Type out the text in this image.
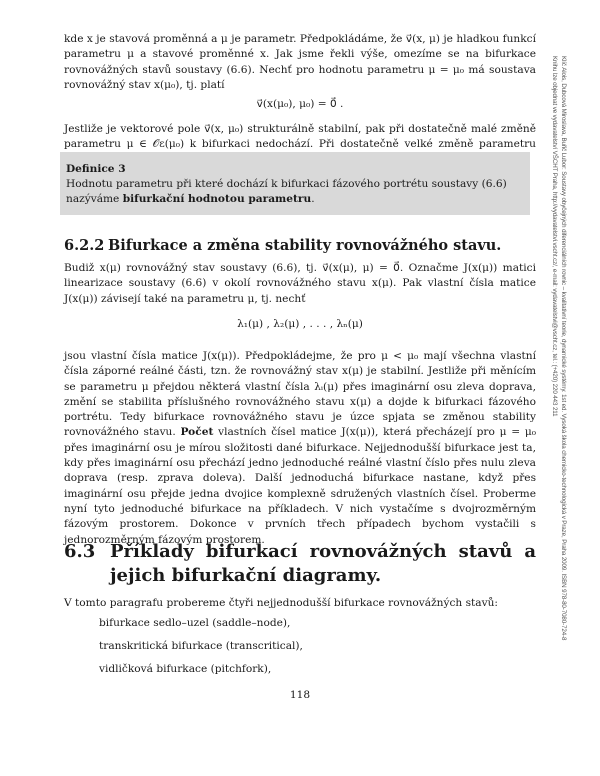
kde x je stavová proměnná a μ je parametr. Předpokládáme, že v⃗(x, μ) je hladkou funkcí parametru μ a stavové proměnné x. Jak jsme řekli výše, omezíme se na bifurkace rovnovážných stavů soustavy (6.6). Nechť pro hodnotu parametru μ = μ₀ má soustava rovnovážný stav x(μ₀), tj. platí

v⃗(x(μ₀), μ₀) = 0⃗ .

Jestliže je vektorové pole v⃗(x, μ₀) strukturálně stabilní, pak při dostatečně malé změně parametru μ ∈ 𝒪ε(μ₀) k bifurkaci nedochází. Při dostatečně velké změně parametru

Definice 3
Hodnotu parametru při které dochází k bifurkaci fázového portrétu soustavy (6.6) nazýváme bifurkační hodnotou parametru.
6.2.2 Bifurkace a změna stability rovnovážného stavu.

Budiž x(μ) rovnovážný stav soustavy (6.6), tj. v⃗(x(μ), μ) = 0⃗. Označme J(x(μ)) matici linearizace soustavy (6.6) v okolí rovnovážného stavu x(μ). Pak vlastní čísla matice J(x(μ)) závisejí také na parametru μ, tj. nechť

λ₁(μ) , λ₂(μ) , . . . , λₙ(μ)

jsou vlastní čísla matice J(x(μ)). Předpokládejme, že pro μ < μ₀ mají všechna vlastní čísla záporné reálné části, tzn. že rovnovážný stav x(μ) je stabilní. Jestliže při měnícím se parametru μ přejdou některá vlastní čísla λᵢ(μ) přes imaginární osu zleva doprava, změní se stabilita příslušného rovnovážného stavu x(μ) a dojde k bifurkaci fázového portrétu. Tedy bifurkace rovnovážného stavu je úzce spjata se změnou stability rovnovážného stavu. Počet vlastních čísel matice J(x(μ)), která přecházejí pro μ = μ₀ přes imaginární osu je mírou složitosti dané bifurkace. Nejjednodušší bifurkace jest ta, kdy přes imaginární osu přechází jedno jednoduché reálné vlastní číslo přes nulu zleva doprava (resp. zprava doleva). Další jednoduchá bifurkace nastane, když přes imaginární osu přejde jedna dvojice komplexně sdružených vlastních čísel. Proberme nyní tyto jednoduché bifurkace na příkladech. V nich vystačíme s dvojrozměrným fázovým prostorem. Dokonce v prvních třech případech bychom vystačili s jednorozměrným fázovým prostorem.

6.3 Příklady bifurkací rovnovážných stavů a jejich bifurkační diagramy.

V tomto paragrafu probereme čtyři nejjednodušší bifurkace rovnovážných stavů:

bifurkace sedlo–uzel (saddle–node),
transkritická bifurkace (transcritical),
vidličková bifurkace (pitchfork),
118
Klíč Alois, Dubcová Miroslava, Buřič Lubor: Soustavy obyčejných diferenciálních rovnic – kvalitativní teorie, dynamické systémy. 1st ed. Vysoká škola chemicko-technologická v Praze, Praha 2009. ISBN 978-80-7080-724-8
Knihu lze objednat ve vydavatelství VŠCHT Praha, http://vydavatelstvi.vscht.cz/, e-mail: vydavatelstvi@vscht.cz, tel.: (+420) 220 443 211
